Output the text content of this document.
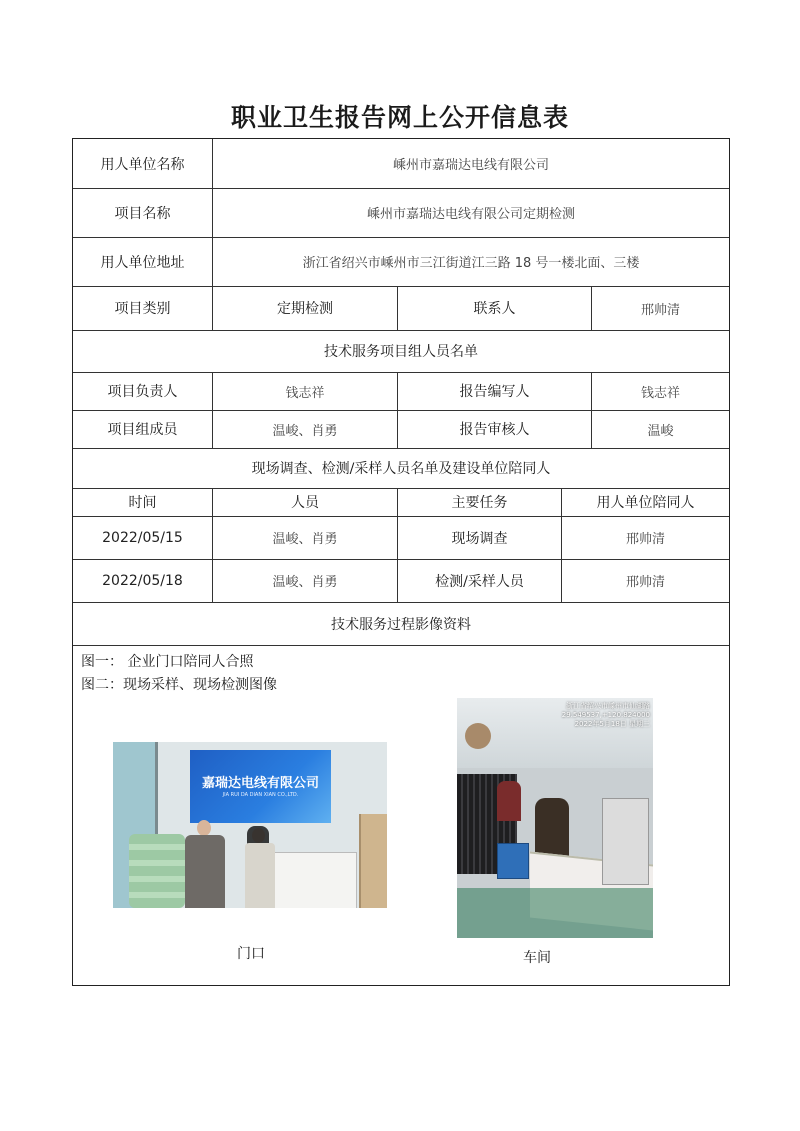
职业卫生报告网上公开信息表
用人单位名称	嵊州市嘉瑞达电线有限公司
项目名称	嵊州市嘉瑞达电线有限公司定期检测
用人单位地址	浙江省绍兴市嵊州市三江街道江三路 18 号一楼北面、三楼
项目类别	定期检测	联系人	邢帅清
技术服务项目组人员名单
项目负责人	钱志祥	报告编写人	钱志祥
项目组成员	温峻、肖勇	报告审核人	温峻
现场调查、检测/采样人员名单及建设单位陪同人
时间	人员	主要任务	用人单位陪同人
2022/05/15	温峻、肖勇	现场调查	邢帅清
2022/05/18	温峻、肖勇	检测/采样人员	邢帅清
技术服务过程影像资料
图一： 企业门口陪同人合照
图二：现场采样、现场检测图像
嘉瑞达电线有限公司
JIA RUI DA DIAN XIAN CO.,LTD.
门口
浙江省绍兴市嵊州市仙湖路
29.549537,+120.824000
2022年5月18日 星期三
车间
